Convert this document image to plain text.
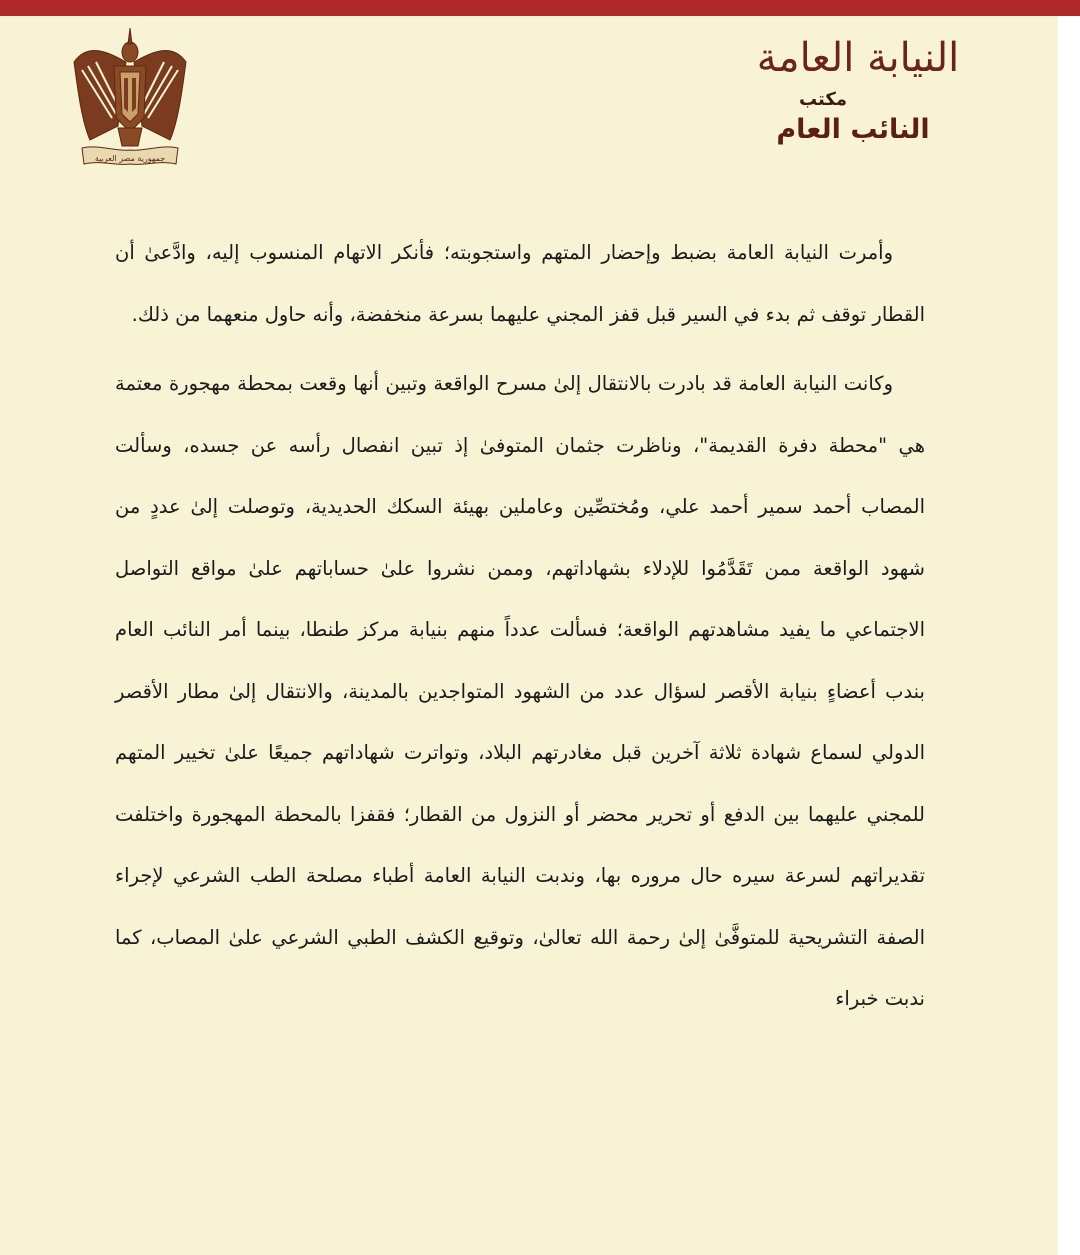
جمهورية مصر العربية
النيابة العامة
مكتب
النائب العام

وأمرت النيابة العامة بضبط وإحضار المتهم واستجوبته؛ فأنكر الاتهام المنسوب إليه، وادَّعىٰ أن القطار توقف ثم بدء في السير قبل قفز المجني عليهما بسرعة منخفضة، وأنه حاول منعهما من ذلك.

وكانت النيابة العامة قد بادرت بالانتقال إلىٰ مسرح الواقعة وتبين أنها وقعت بمحطة مهجورة معتمة هي "محطة دفرة القديمة"، وناظرت جثمان المتوفىٰ إذ تبين انفصال رأسه عن جسده، وسألت المصاب أحمد سمير أحمد علي، ومُختصِّين وعاملين بهيئة السكك الحديدية، وتوصلت إلىٰ عددٍ من شهود الواقعة ممن تَقَدَّمُوا للإدلاء بشهاداتهم، وممن نشروا علىٰ حساباتهم علىٰ مواقع التواصل الاجتماعي ما يفيد مشاهدتهم الواقعة؛ فسألت عدداً منهم بنيابة مركز طنطا، بينما أمر النائب العام بندب أعضاءٍ بنيابة الأقصر لسؤال عدد من الشهود المتواجدين بالمدينة، والانتقال إلىٰ مطار الأقصر الدولي لسماع شهادة ثلاثة آخرين قبل مغادرتهم البلاد، وتواترت شهاداتهم جميعًا علىٰ تخيير المتهم للمجني عليهما بين الدفع أو تحرير محضر أو النزول من القطار؛ فقفزا بالمحطة المهجورة واختلفت تقديراتهم لسرعة سيره حال مروره بها، وندبت النيابة العامة أطباء مصلحة الطب الشرعي لإجراء الصفة التشريحية للمتوفَّىٰ إلىٰ رحمة الله تعالىٰ، وتوقيع الكشف الطبي الشرعي علىٰ المصاب، كما ندبت خبراء
